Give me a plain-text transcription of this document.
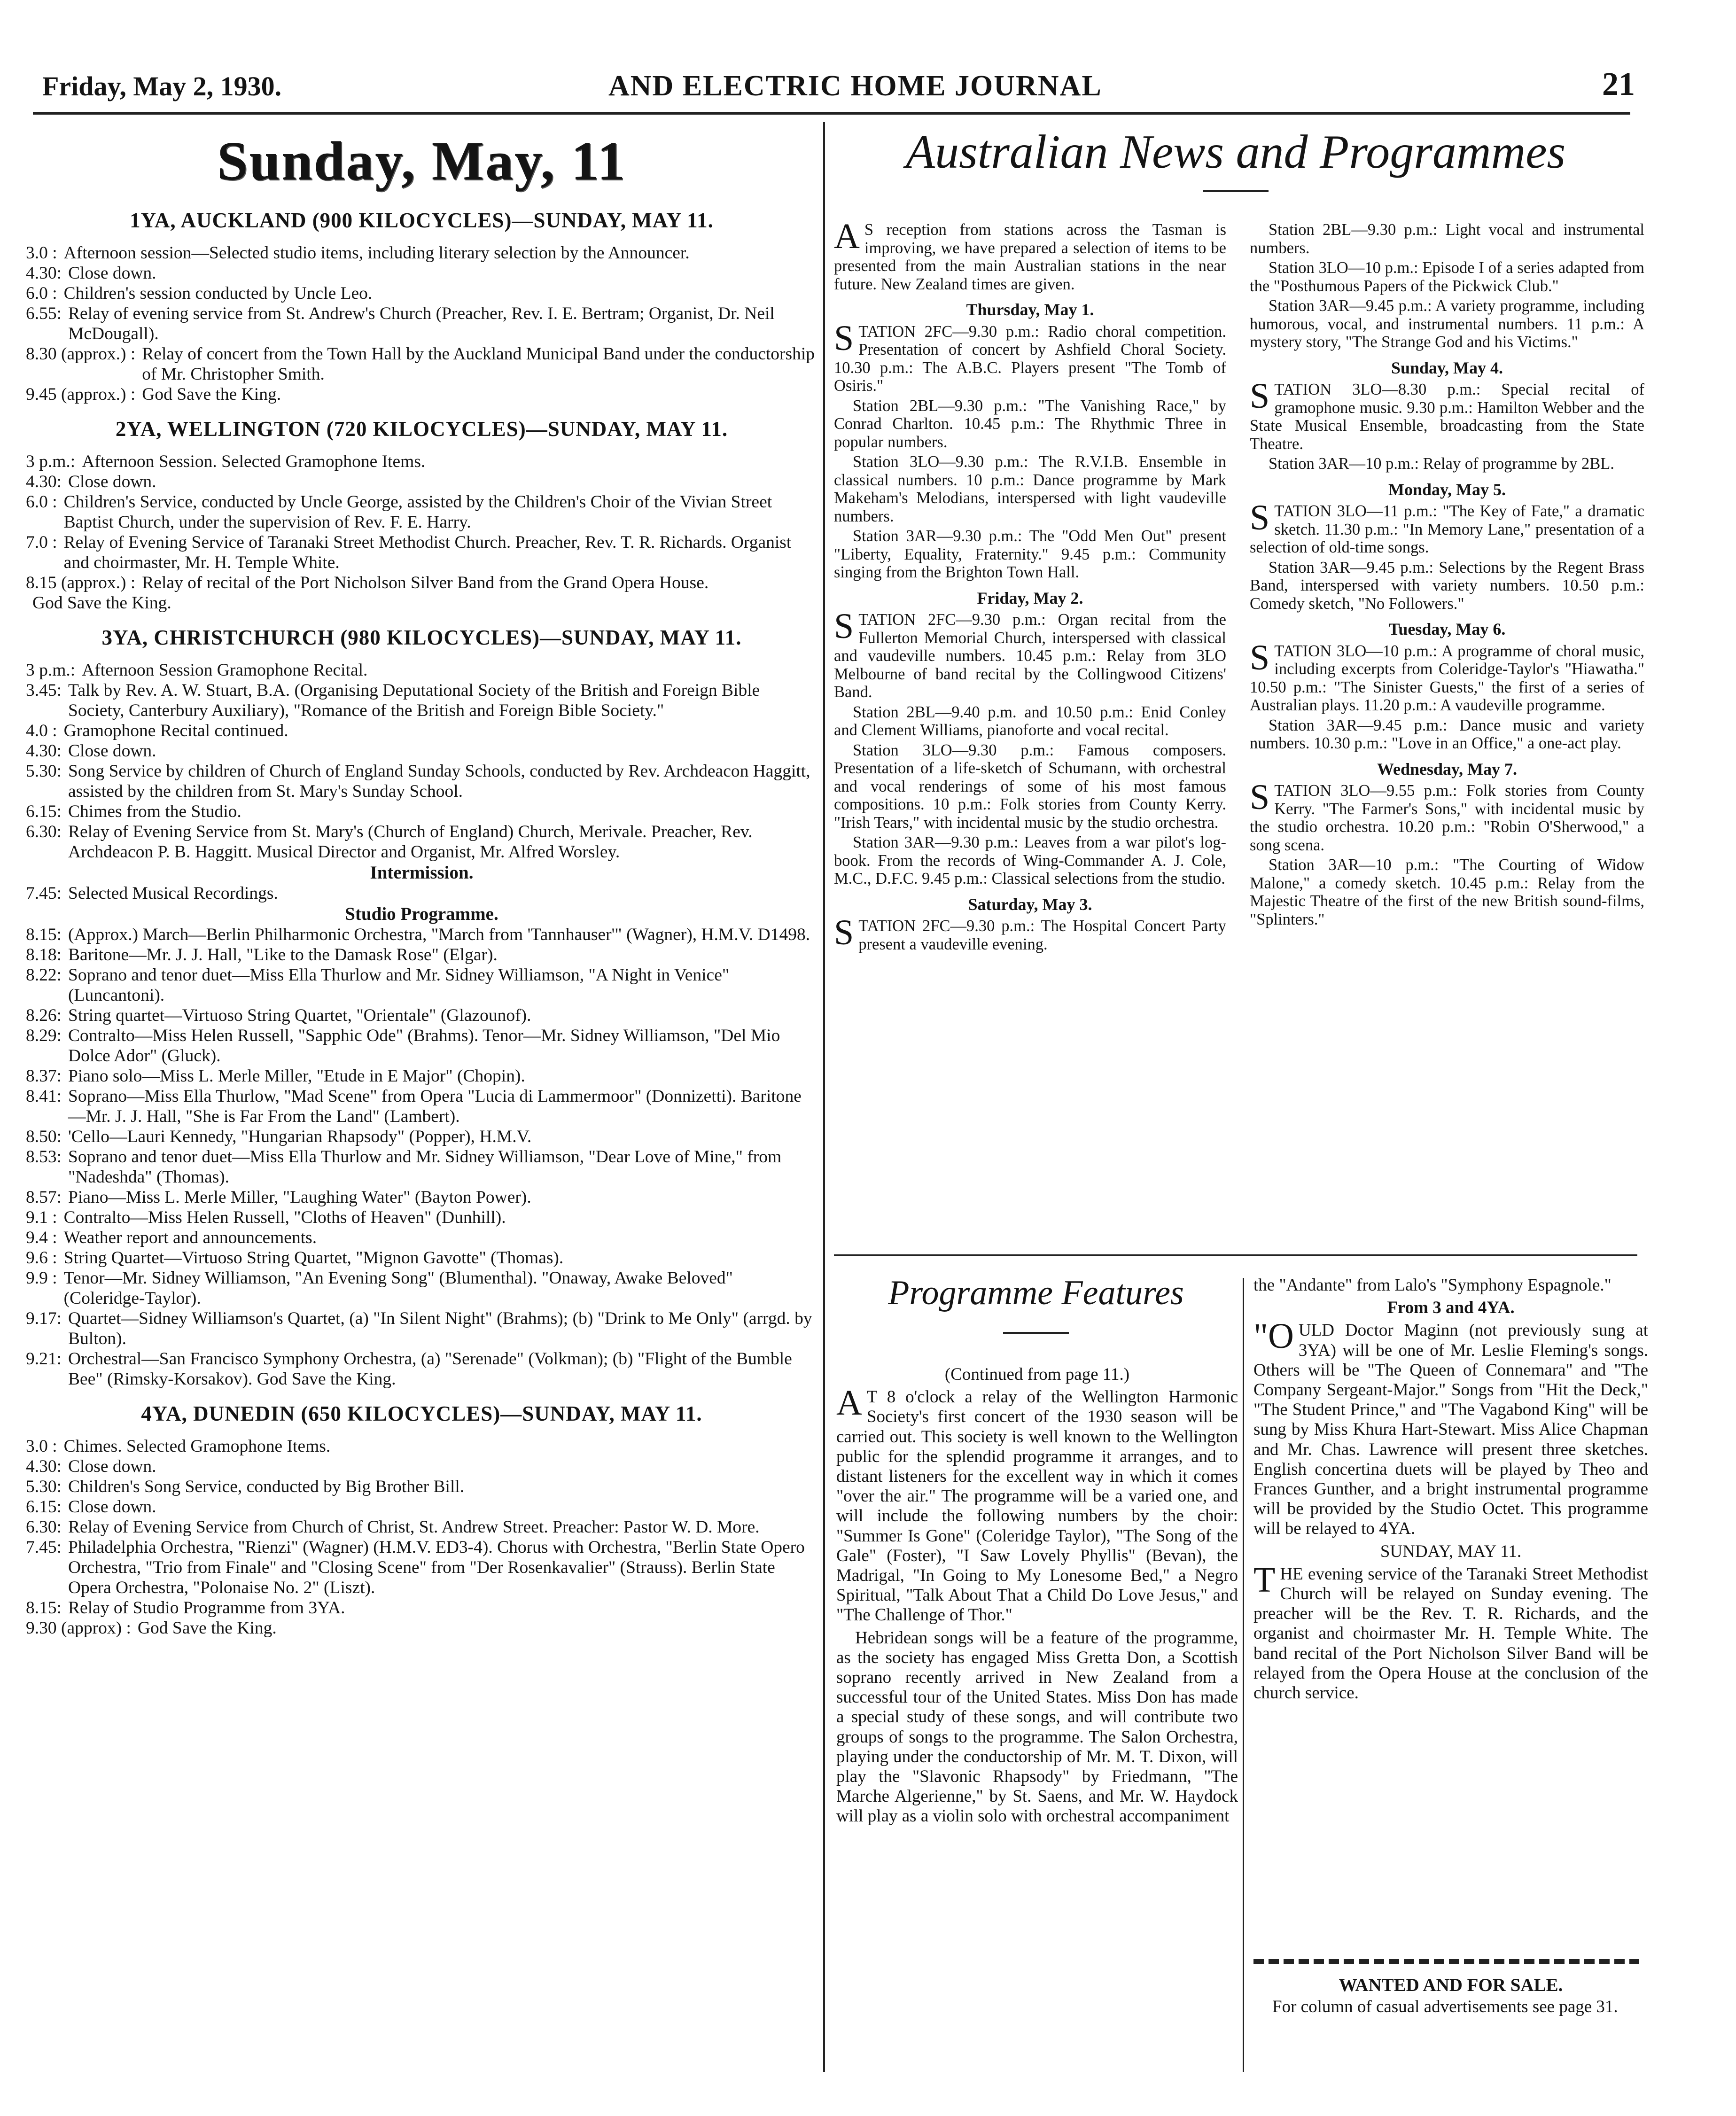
Friday, May 2, 1930.	AND ELECTRIC HOME JOURNAL	21
Sunday, May, 11
1YA, AUCKLAND (900 KILOCYCLES)—SUNDAY, MAY 11.
3.0 : Afternoon session—Selected studio items, including literary selection by the Announcer.
4.30: Close down.
6.0 : Children's session conducted by Uncle Leo.
6.55: Relay of evening service from St. Andrew's Church (Preacher, Rev. I. E. Bertram; Organist, Dr. Neil McDougall).
8.30 (approx.) : Relay of concert from the Town Hall by the Auckland Municipal Band under the conductorship of Mr. Christopher Smith.
9.45 (approx.) : God Save the King.
2YA, WELLINGTON (720 KILOCYCLES)—SUNDAY, MAY 11.
3 p.m.: Afternoon Session. Selected Gramophone Items.
4.30: Close down.
6.0 : Children's Service, conducted by Uncle George, assisted by the Children's Choir of the Vivian Street Baptist Church, under the supervision of Rev. F. E. Harry.
7.0 : Relay of Evening Service of Taranaki Street Methodist Church. Preacher, Rev. T. R. Richards. Organist and choirmaster, Mr. H. Temple White.
8.15 (approx.) : Relay of recital of the Port Nicholson Silver Band from the Grand Opera House.
God Save the King.
3YA, CHRISTCHURCH (980 KILOCYCLES)—SUNDAY, MAY 11.
3 p.m.: Afternoon Session Gramophone Recital.
3.45: Talk by Rev. A. W. Stuart, B.A. (Organising Deputational Society of the British and Foreign Bible Society, Canterbury Auxiliary), "Romance of the British and Foreign Bible Society."
4.0 : Gramophone Recital continued.
4.30: Close down.
5.30: Song Service by children of Church of England Sunday Schools, conducted by Rev. Archdeacon Haggitt, assisted by the children from St. Mary's Sunday School.
6.15: Chimes from the Studio.
6.30: Relay of Evening Service from St. Mary's (Church of England) Church, Merivale. Preacher, Rev. Archdeacon P. B. Haggitt. Musical Director and Organist, Mr. Alfred Worsley.
Intermission.
7.45: Selected Musical Recordings.
Studio Programme.
8.15: (Approx.) March—Berlin Philharmonic Orchestra, "March from 'Tannhauser'" (Wagner), H.M.V. D1498.
8.18: Baritone—Mr. J. J. Hall, "Like to the Damask Rose" (Elgar).
8.22: Soprano and tenor duet—Miss Ella Thurlow and Mr. Sidney Williamson, "A Night in Venice" (Luncantoni).
8.26: String quartet—Virtuoso String Quartet, "Orientale" (Glazounof).
8.29: Contralto—Miss Helen Russell, "Sapphic Ode" (Brahms). Tenor—Mr. Sidney Williamson, "Del Mio Dolce Ador" (Gluck).
8.37: Piano solo—Miss L. Merle Miller, "Etude in E Major" (Chopin).
8.41: Soprano—Miss Ella Thurlow, "Mad Scene" from Opera "Lucia di Lammermoor" (Donnizetti). Baritone—Mr. J. J. Hall, "She is Far From the Land" (Lambert).
8.50: 'Cello—Lauri Kennedy, "Hungarian Rhapsody" (Popper), H.M.V.
8.53: Soprano and tenor duet—Miss Ella Thurlow and Mr. Sidney Williamson, "Dear Love of Mine," from "Nadeshda" (Thomas).
8.57: Piano—Miss L. Merle Miller, "Laughing Water" (Bayton Power).
9.1 : Contralto—Miss Helen Russell, "Cloths of Heaven" (Dunhill).
9.4 : Weather report and announcements.
9.6 : String Quartet—Virtuoso String Quartet, "Mignon Gavotte" (Thomas).
9.9 : Tenor—Mr. Sidney Williamson, "An Evening Song" (Blumenthal). "Onaway, Awake Beloved" (Coleridge-Taylor).
9.17: Quartet—Sidney Williamson's Quartet, (a) "In Silent Night" (Brahms); (b) "Drink to Me Only" (arrgd. by Bulton).
9.21: Orchestral—San Francisco Symphony Orchestra, (a) "Serenade" (Volkman); (b) "Flight of the Bumble Bee" (Rimsky-Korsakov). God Save the King.
4YA, DUNEDIN (650 KILOCYCLES)—SUNDAY, MAY 11.
3.0 : Chimes. Selected Gramophone Items.
4.30: Close down.
5.30: Children's Song Service, conducted by Big Brother Bill.
6.15: Close down.
6.30: Relay of Evening Service from Church of Christ, St. Andrew Street. Preacher: Pastor W. D. More.
7.45: Philadelphia Orchestra, "Rienzi" (Wagner) (H.M.V. ED3-4). Chorus with Orchestra, "Berlin State Opero Orchestra, "Trio from Finale" and "Closing Scene" from "Der Rosenkavalier" (Strauss). Berlin State Opera Orchestra, "Polonaise No. 2" (Liszt).
8.15: Relay of Studio Programme from 3YA.
9.30 (approx) : God Save the King.
Australian News and Programmes

A S reception from stations across the Tasman is improving, we have prepared a selection of items to be presented from the main Australian stations in the near future. New Zealand times are given.

Thursday, May 1.

STATION 2FC—9.30 p.m.: Radio choral competition. Presentation of concert by Ashfield Choral Society. 10.30 p.m.: The A.B.C. Players present "The Tomb of Osiris."

Station 2BL—9.30 p.m.: "The Vanishing Race," by Conrad Charlton. 10.45 p.m.: The Rhythmic Three in popular numbers.

Station 3LO—9.30 p.m.: The R.V.I.B. Ensemble in classical numbers. 10 p.m.: Dance programme by Mark Makeham's Melodians, interspersed with light vaudeville numbers.

Station 3AR—9.30 p.m.: The "Odd Men Out" present "Liberty, Equality, Fraternity." 9.45 p.m.: Community singing from the Brighton Town Hall.

Friday, May 2.

STATION 2FC—9.30 p.m.: Organ recital from the Fullerton Memorial Church, interspersed with classical and vaudeville numbers. 10.45 p.m.: Relay from 3LO Melbourne of band recital by the Collingwood Citizens' Band.

Station 2BL—9.40 p.m. and 10.50 p.m.: Enid Conley and Clement Williams, pianoforte and vocal recital.

Station 3LO—9.30 p.m.: Famous composers. Presentation of a life-sketch of Schumann, with orchestral and vocal renderings of some of his most famous compositions. 10 p.m.: Folk stories from County Kerry. "Irish Tears," with incidental music by the studio orchestra.

Station 3AR—9.30 p.m.: Leaves from a war pilot's log-book. From the records of Wing-Commander A. J. Cole, M.C., D.F.C. 9.45 p.m.: Classical selections from the studio.

Saturday, May 3.

STATION 2FC—9.30 p.m.: The Hospital Concert Party present a vaudeville evening.

Station 2BL—9.30 p.m.: Light vocal and instrumental numbers.

Station 3LO—10 p.m.: Episode I of a series adapted from the "Posthumous Papers of the Pickwick Club."

Station 3AR—9.45 p.m.: A variety programme, including humorous, vocal, and instrumental numbers. 11 p.m.: A mystery story, "The Strange God and his Victims."

Sunday, May 4.

STATION 3LO—8.30 p.m.: Special recital of gramophone music. 9.30 p.m.: Hamilton Webber and the State Musical Ensemble, broadcasting from the State Theatre.

Station 3AR—10 p.m.: Relay of programme by 2BL.

Monday, May 5.

STATION 3LO—11 p.m.: "The Key of Fate," a dramatic sketch. 11.30 p.m.: "In Memory Lane," presentation of a selection of old-time songs.

Station 3AR—9.45 p.m.: Selections by the Regent Brass Band, interspersed with variety numbers. 10.50 p.m.: Comedy sketch, "No Followers."

Tuesday, May 6.

STATION 3LO—10 p.m.: A programme of choral music, including excerpts from Coleridge-Taylor's "Hiawatha." 10.50 p.m.: "The Sinister Guests," the first of a series of Australian plays. 11.20 p.m.: A vaudeville programme.

Station 3AR—9.45 p.m.: Dance music and variety numbers. 10.30 p.m.: "Love in an Office," a one-act play.

Wednesday, May 7.

STATION 3LO—9.55 p.m.: Folk stories from County Kerry. "The Farmer's Sons," with incidental music by the studio orchestra. 10.20 p.m.: "Robin O'Sherwood," a song scena.

Station 3AR—10 p.m.: "The Courting of Widow Malone," a comedy sketch. 10.45 p.m.: Relay from the Majestic Theatre of the first of the new British sound-films, "Splinters."

Programme Features

(Continued from page 11.)

A T 8 o'clock a relay of the Wellington Harmonic Society's first concert of the 1930 season will be carried out. This society is well known to the Wellington public for the splendid programme it arranges, and to distant listeners for the excellent way in which it comes "over the air." The programme will be a varied one, and will include the following numbers by the choir: "Summer Is Gone" (Coleridge Taylor), "The Song of the Gale" (Foster), "I Saw Lovely Phyllis" (Bevan), the Madrigal, "In Going to My Lonesome Bed," a Negro Spiritual, "Talk About That a Child Do Love Jesus," and "The Challenge of Thor."

Hebridean songs will be a feature of the programme, as the society has engaged Miss Gretta Don, a Scottish soprano recently arrived in New Zealand from a successful tour of the United States. Miss Don has made a special study of these songs, and will contribute two groups of songs to the programme. The Salon Orchestra, playing under the conductorship of Mr. M. T. Dixon, will play the "Slavonic Rhapsody" by Friedmann, "The Marche Algerienne," by St. Saens, and Mr. W. Haydock will play as a violin solo with orchestral accompaniment

the "Andante" from Lalo's "Symphony Espagnole."

From 3 and 4YA.

"OULD Doctor Maginn (not previously sung at 3YA) will be one of Mr. Leslie Fleming's songs. Others will be "The Queen of Connemara" and "The Company Sergeant-Major." Songs from "Hit the Deck," "The Student Prince," and "The Vagabond King" will be sung by Miss Khura Hart-Stewart. Miss Alice Chapman and Mr. Chas. Lawrence will present three sketches. English concertina duets will be played by Theo and Frances Gunther, and a bright instrumental programme will be provided by the Studio Octet. This programme will be relayed to 4YA.

SUNDAY, MAY 11.

THE evening service of the Taranaki Street Methodist Church will be relayed on Sunday evening. The preacher will be the Rev. T. R. Richards, and the organist and choirmaster Mr. H. Temple White. The band recital of the Port Nicholson Silver Band will be relayed from the Opera House at the conclusion of the church service.

WANTED AND FOR SALE.

For column of casual advertisements see page 31.
